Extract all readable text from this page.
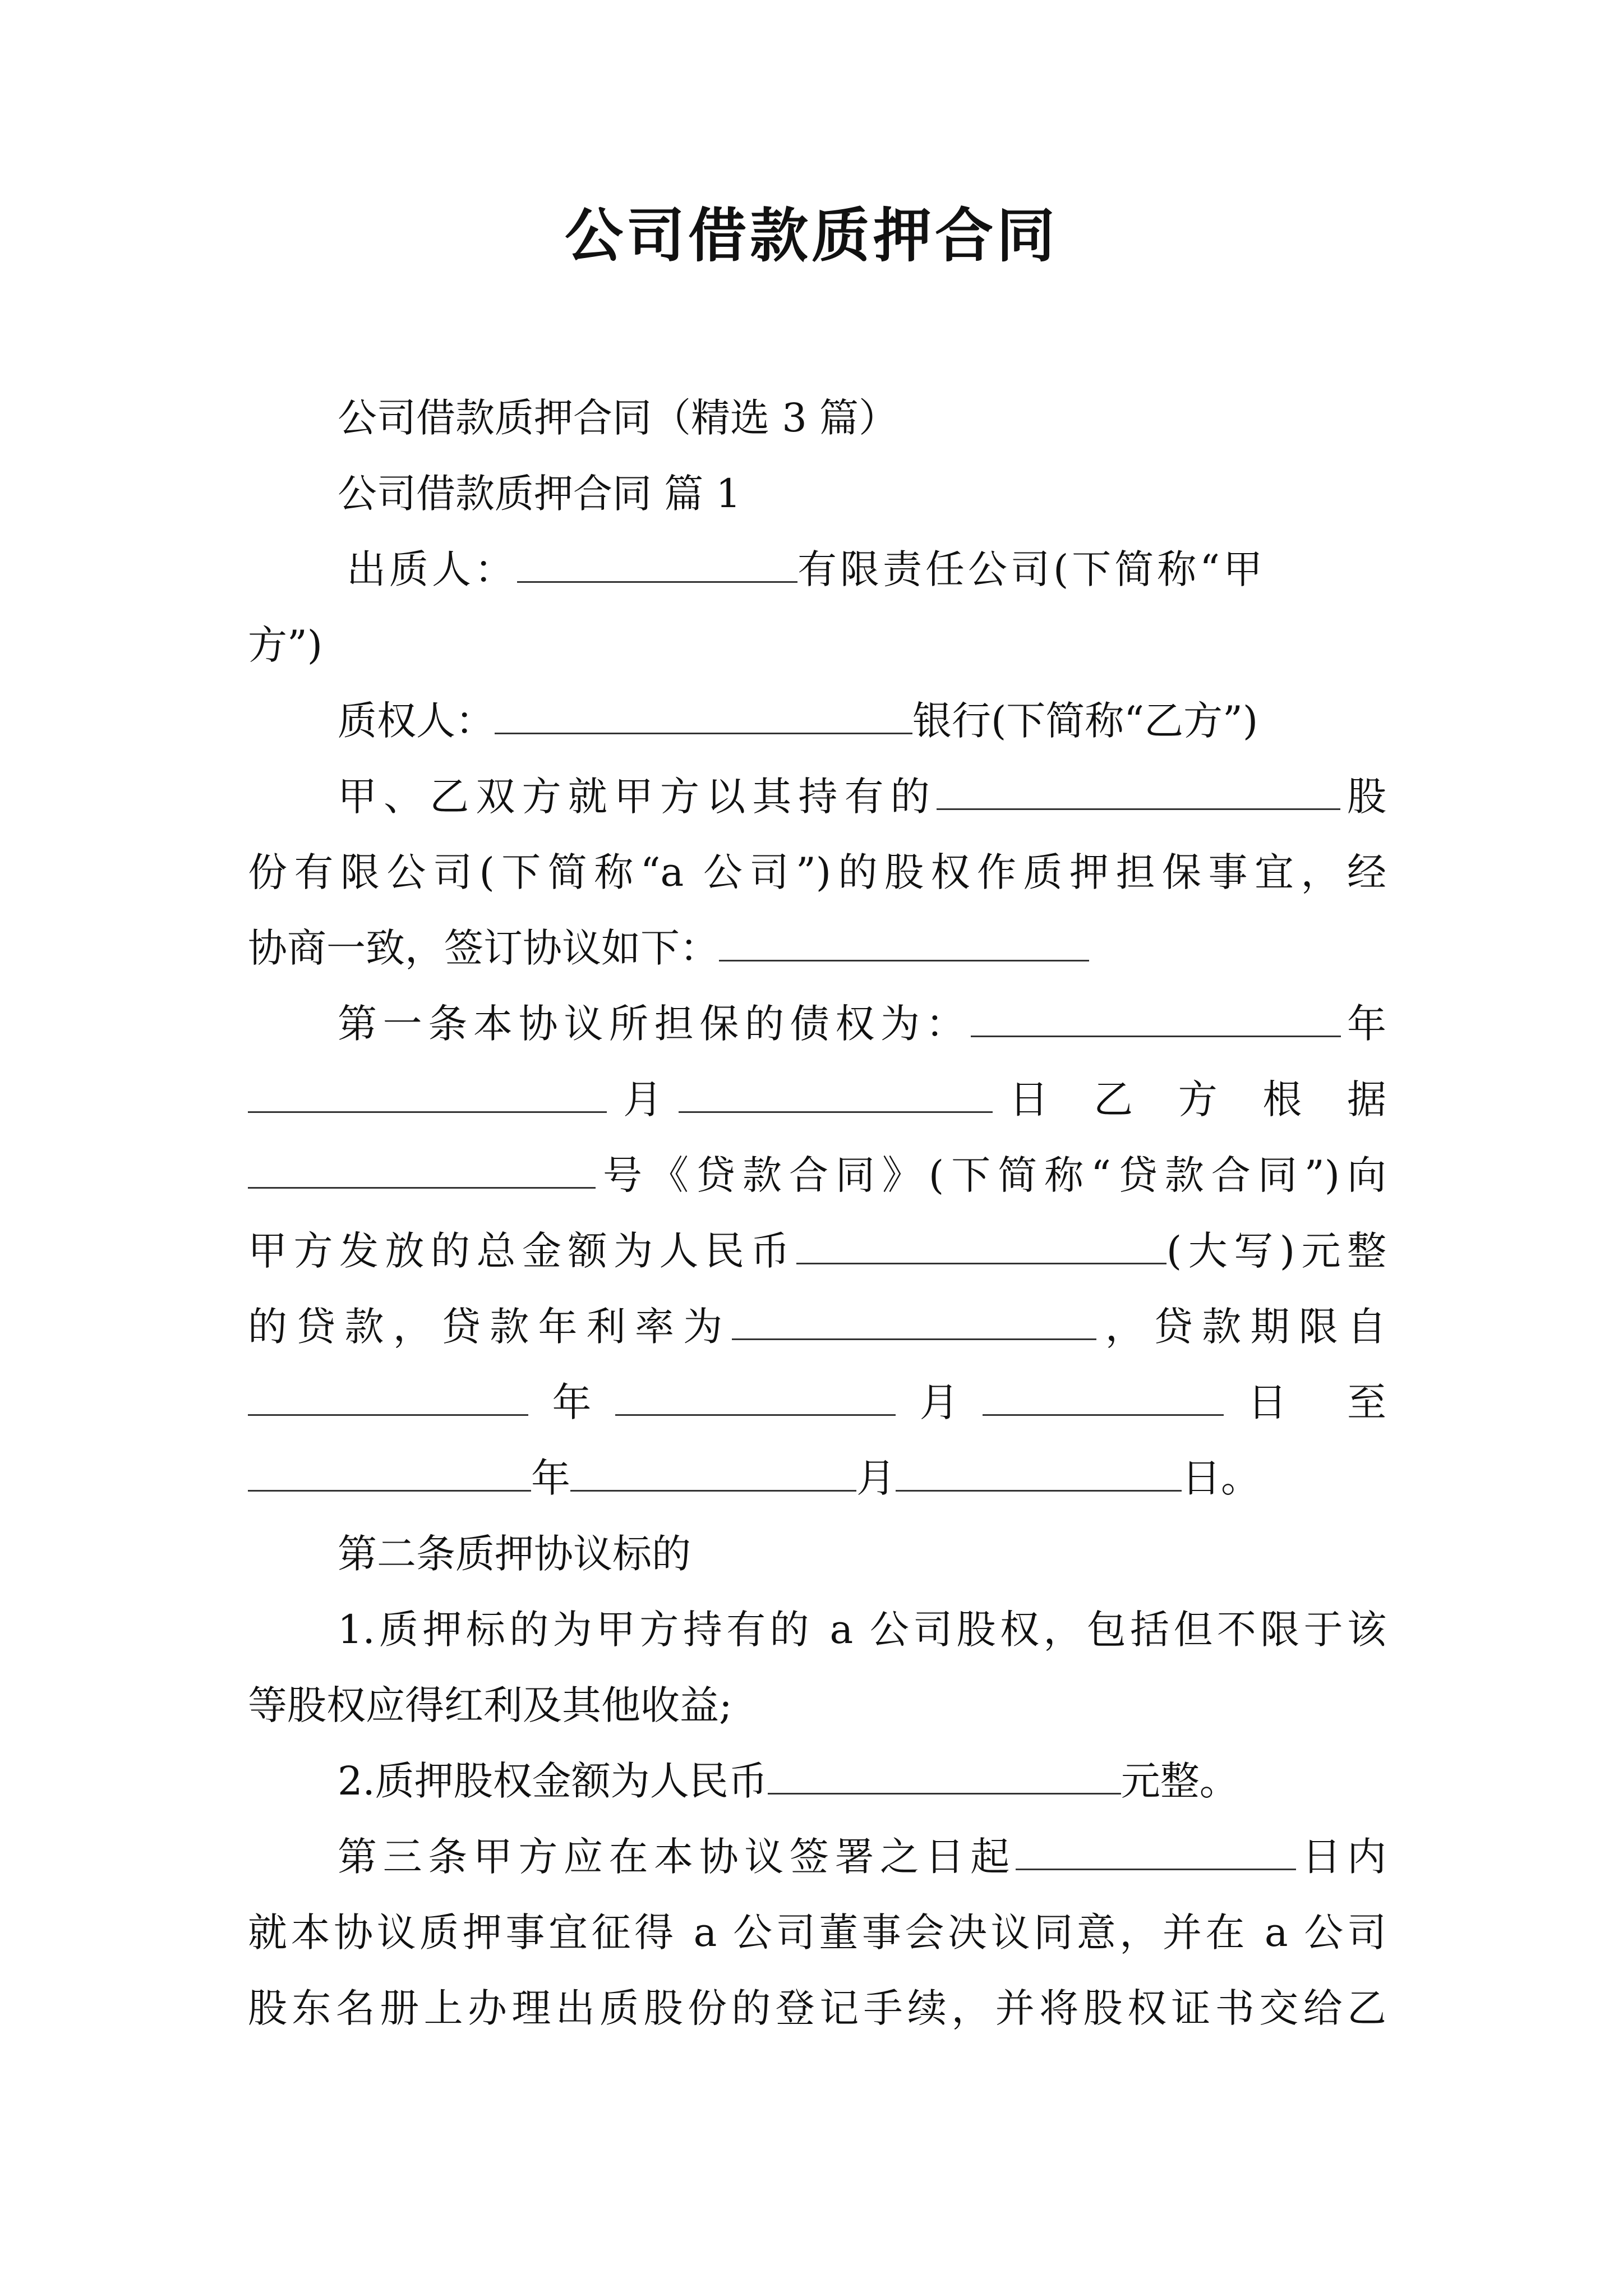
公司借款质押合同
公司借款质押合同（精选 3 篇）
公司借款质押合同 篇 1
出质人：	有限责任公司(下简称“甲
方”)
质权人：	银行(下简称“乙方”)
甲、乙双方就甲方以其持有的	股
份有限公司(下简称“a 公司”)的股权作质押担保事宜，经
协商一致，签订协议如下：
第一条本协议所担保的债权为：	年
月	日 乙 方 根 据
号《贷款合同》(下简称“贷款合同”)向
甲方发放的总金额为人民币	(大写)元整
的贷款，贷款年利率为	，贷款期限自
年	月	日 至
年	月	日。
第二条质押协议标的
1.质押标的为甲方持有的 a 公司股权，包括但不限于该
等股权应得红利及其他收益;
2.质押股权金额为人民币	元整。
第三条甲方应在本协议签署之日起	日内
就本协议质押事宜征得 a 公司董事会决议同意，并在 a 公司
股东名册上办理出质股份的登记手续，并将股权证书交给乙
